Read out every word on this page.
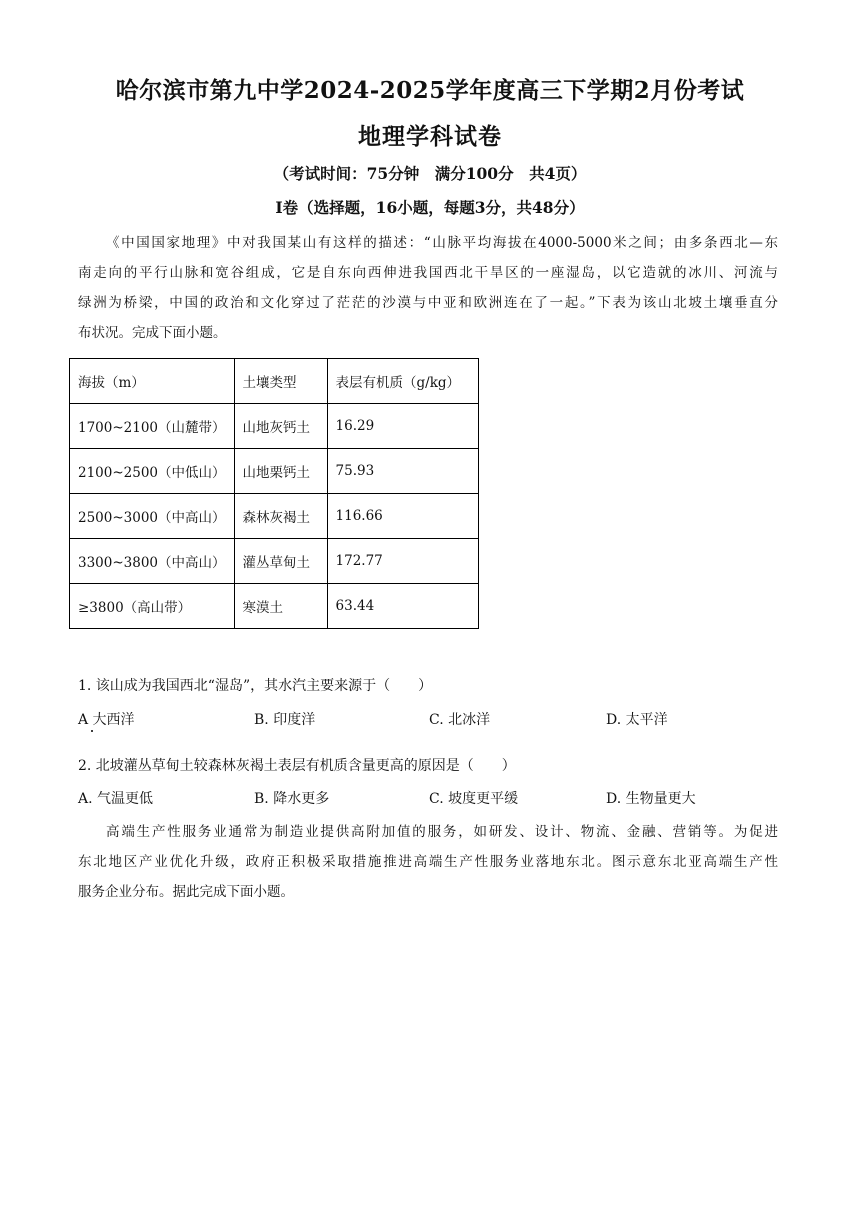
哈尔滨市第九中学2024-2025学年度高三下学期2月份考试
地理学科试卷
（考试时间：75分钟　满分100分　共4页）
Ⅰ卷（选择题，16小题，每题3分，共48分）
《中国国家地理》中对我国某山有这样的描述：“山脉平均海拔在4000-5000米之间；由多条西北—东
南走向的平行山脉和宽谷组成，它是自东向西伸进我国西北干旱区的一座湿岛，以它造就的冰川、河流与
绿洲为桥梁，中国的政治和文化穿过了茫茫的沙漠与中亚和欧洲连在了一起。”下表为该山北坡土壤垂直分
布状况。完成下面小题。
海拔（m）	土壤类型	表层有机质（g/kg）
1700~2100（山麓带）	山地灰钙土	16.29
2100~2500（中低山）	山地栗钙土	75.93
2500~3000（中高山）	森林灰褐土	116.66
3300~3800（中高山）	灌丛草甸土	172.77
≥3800（高山带）	寒漠土	63.44
1. 该山成为我国西北“湿岛”，其水汽主要来源于（　　）
A 大西洋	B. 印度洋	C. 北冰洋	D. 太平洋
2. 北坡灌丛草甸土较森林灰褐土表层有机质含量更高的原因是（　　）
A. 气温更低	B. 降水更多	C. 坡度更平缓	D. 生物量更大
高端生产性服务业通常为制造业提供高附加值的服务，如研发、设计、物流、金融、营销等。为促进
东北地区产业优化升级，政府正积极采取措施推进高端生产性服务业落地东北。图示意东北亚高端生产性
服务企业分布。据此完成下面小题。
